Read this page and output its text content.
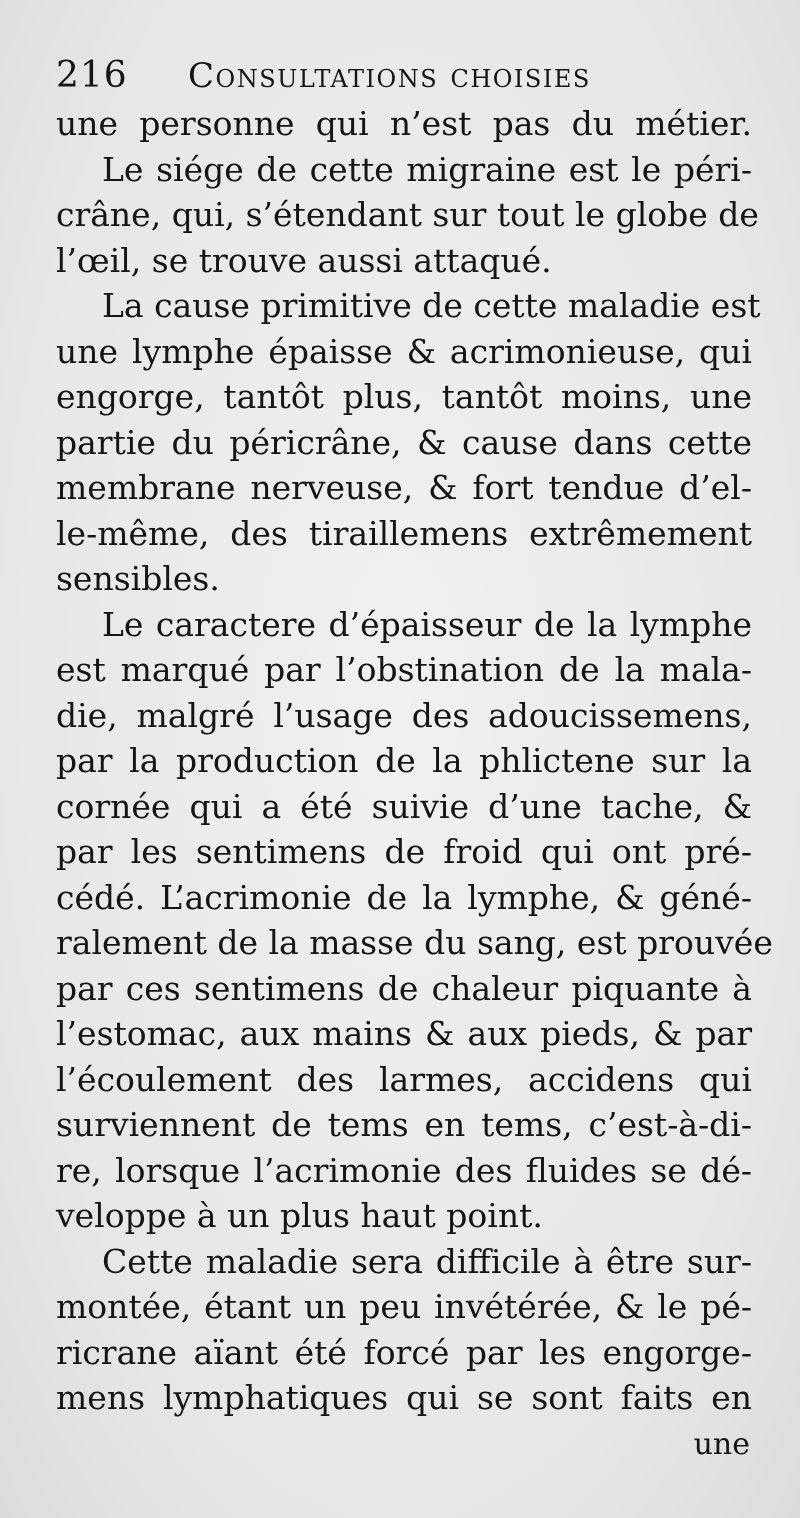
216 Consultations choisies
une personne qui n’est pas du métier.
Le siége de cette migraine est le péri-
crâne, qui, s’étendant sur tout le globe de
l’œil, se trouve aussi attaqué.
La cause primitive de cette maladie est
une lymphe épaisse & acrimonieuse, qui
engorge, tantôt plus, tantôt moins, une
partie du péricrâne, & cause dans cette
membrane nerveuse, & fort tendue d’el-
le-même, des tiraillemens extrêmement
sensibles.
Le caractere d’épaisseur de la lymphe
est marqué par l’obstination de la mala-
die, malgré l’usage des adoucissemens,
par la production de la phlictene sur la
cornée qui a été suivie d’une tache, &
par les sentimens de froid qui ont pré-
cédé. L’acrimonie de la lymphe, & géné-
ralement de la masse du sang, est prouvée
par ces sentimens de chaleur piquante à
l’estomac, aux mains & aux pieds, & par
l’écoulement des larmes, accidens qui
surviennent de tems en tems, c’est-à-di-
re, lorsque l’acrimonie des fluides se dé-
veloppe à un plus haut point.
Cette maladie sera difficile à être sur-
montée, étant un peu invétérée, & le pé-
ricrane aïant été forcé par les engorge-
mens lymphatiques qui se sont faits en
une
